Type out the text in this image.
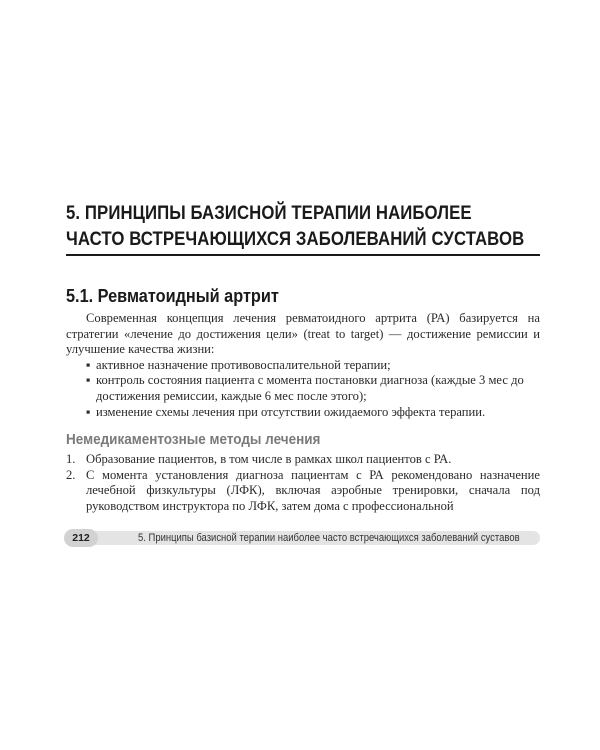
5. ПРИНЦИПЫ БАЗИСНОЙ ТЕРАПИИ НАИБОЛЕЕ
ЧАСТО ВСТРЕЧАЮЩИХСЯ ЗАБОЛЕВАНИЙ СУСТАВОВ
5.1. Ревматоидный артрит

Современная концепция лечения ревматоидного артрита (РА) базируется на стратегии «лечение до достижения цели» (treat to target) — достижение ремиссии и улучшение качества жизни:

▪ активное назначение противовоспалительной терапии;
▪ контроль состояния пациента с момента постановки диагноза (каждые 3 мес до достижения ремиссии, каждые 6 мес после этого);
▪ изменение схемы лечения при отсутствии ожидаемого эффекта терапии.
Немедикаментозные методы лечения
1. Образование пациентов, в том числе в рамках школ пациентов с РА.
2. С момента установления диагноза пациентам с РА рекомендовано назначение лечебной физкультуры (ЛФК), включая аэробные тренировки, сначала под руководством инструктора по ЛФК, затем дома с профессиональной
212	5. Принципы базисной терапии наиболее часто встречающихся заболеваний суставов
